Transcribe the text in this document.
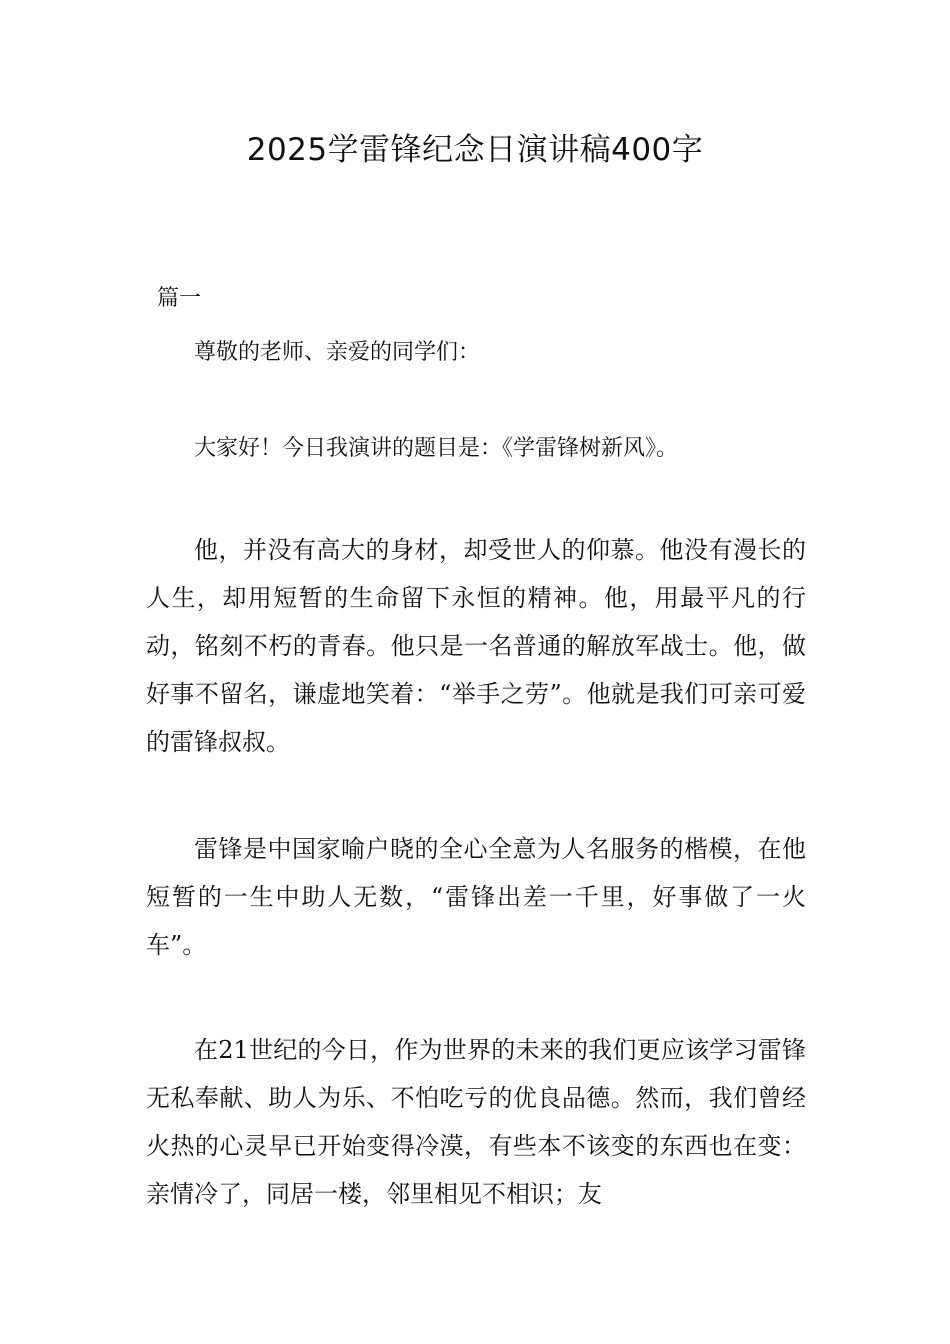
2025学雷锋纪念日演讲稿400字
篇一

尊敬的老师、亲爱的同学们：

大家好！今日我演讲的题目是：《学雷锋树新风》。

他，并没有高大的身材，却受世人的仰慕。他没有漫长的人生，却用短暂的生命留下永恒的精神。他，用最平凡的行动，铭刻不朽的青春。他只是一名普通的解放军战士。他，做好事不留名，谦虚地笑着：“举手之劳”。他就是我们可亲可爱的雷锋叔叔。

雷锋是中国家喻户晓的全心全意为人名服务的楷模，在他短暂的一生中助人无数，“雷锋出差一千里，好事做了一火车”。

在21世纪的今日，作为世界的未来的我们更应该学习雷锋无私奉献、助人为乐、不怕吃亏的优良品德。然而，我们曾经火热的心灵早已开始变得冷漠，有些本不该变的东西也在变：亲情冷了，同居一楼，邻里相见不相识；友
